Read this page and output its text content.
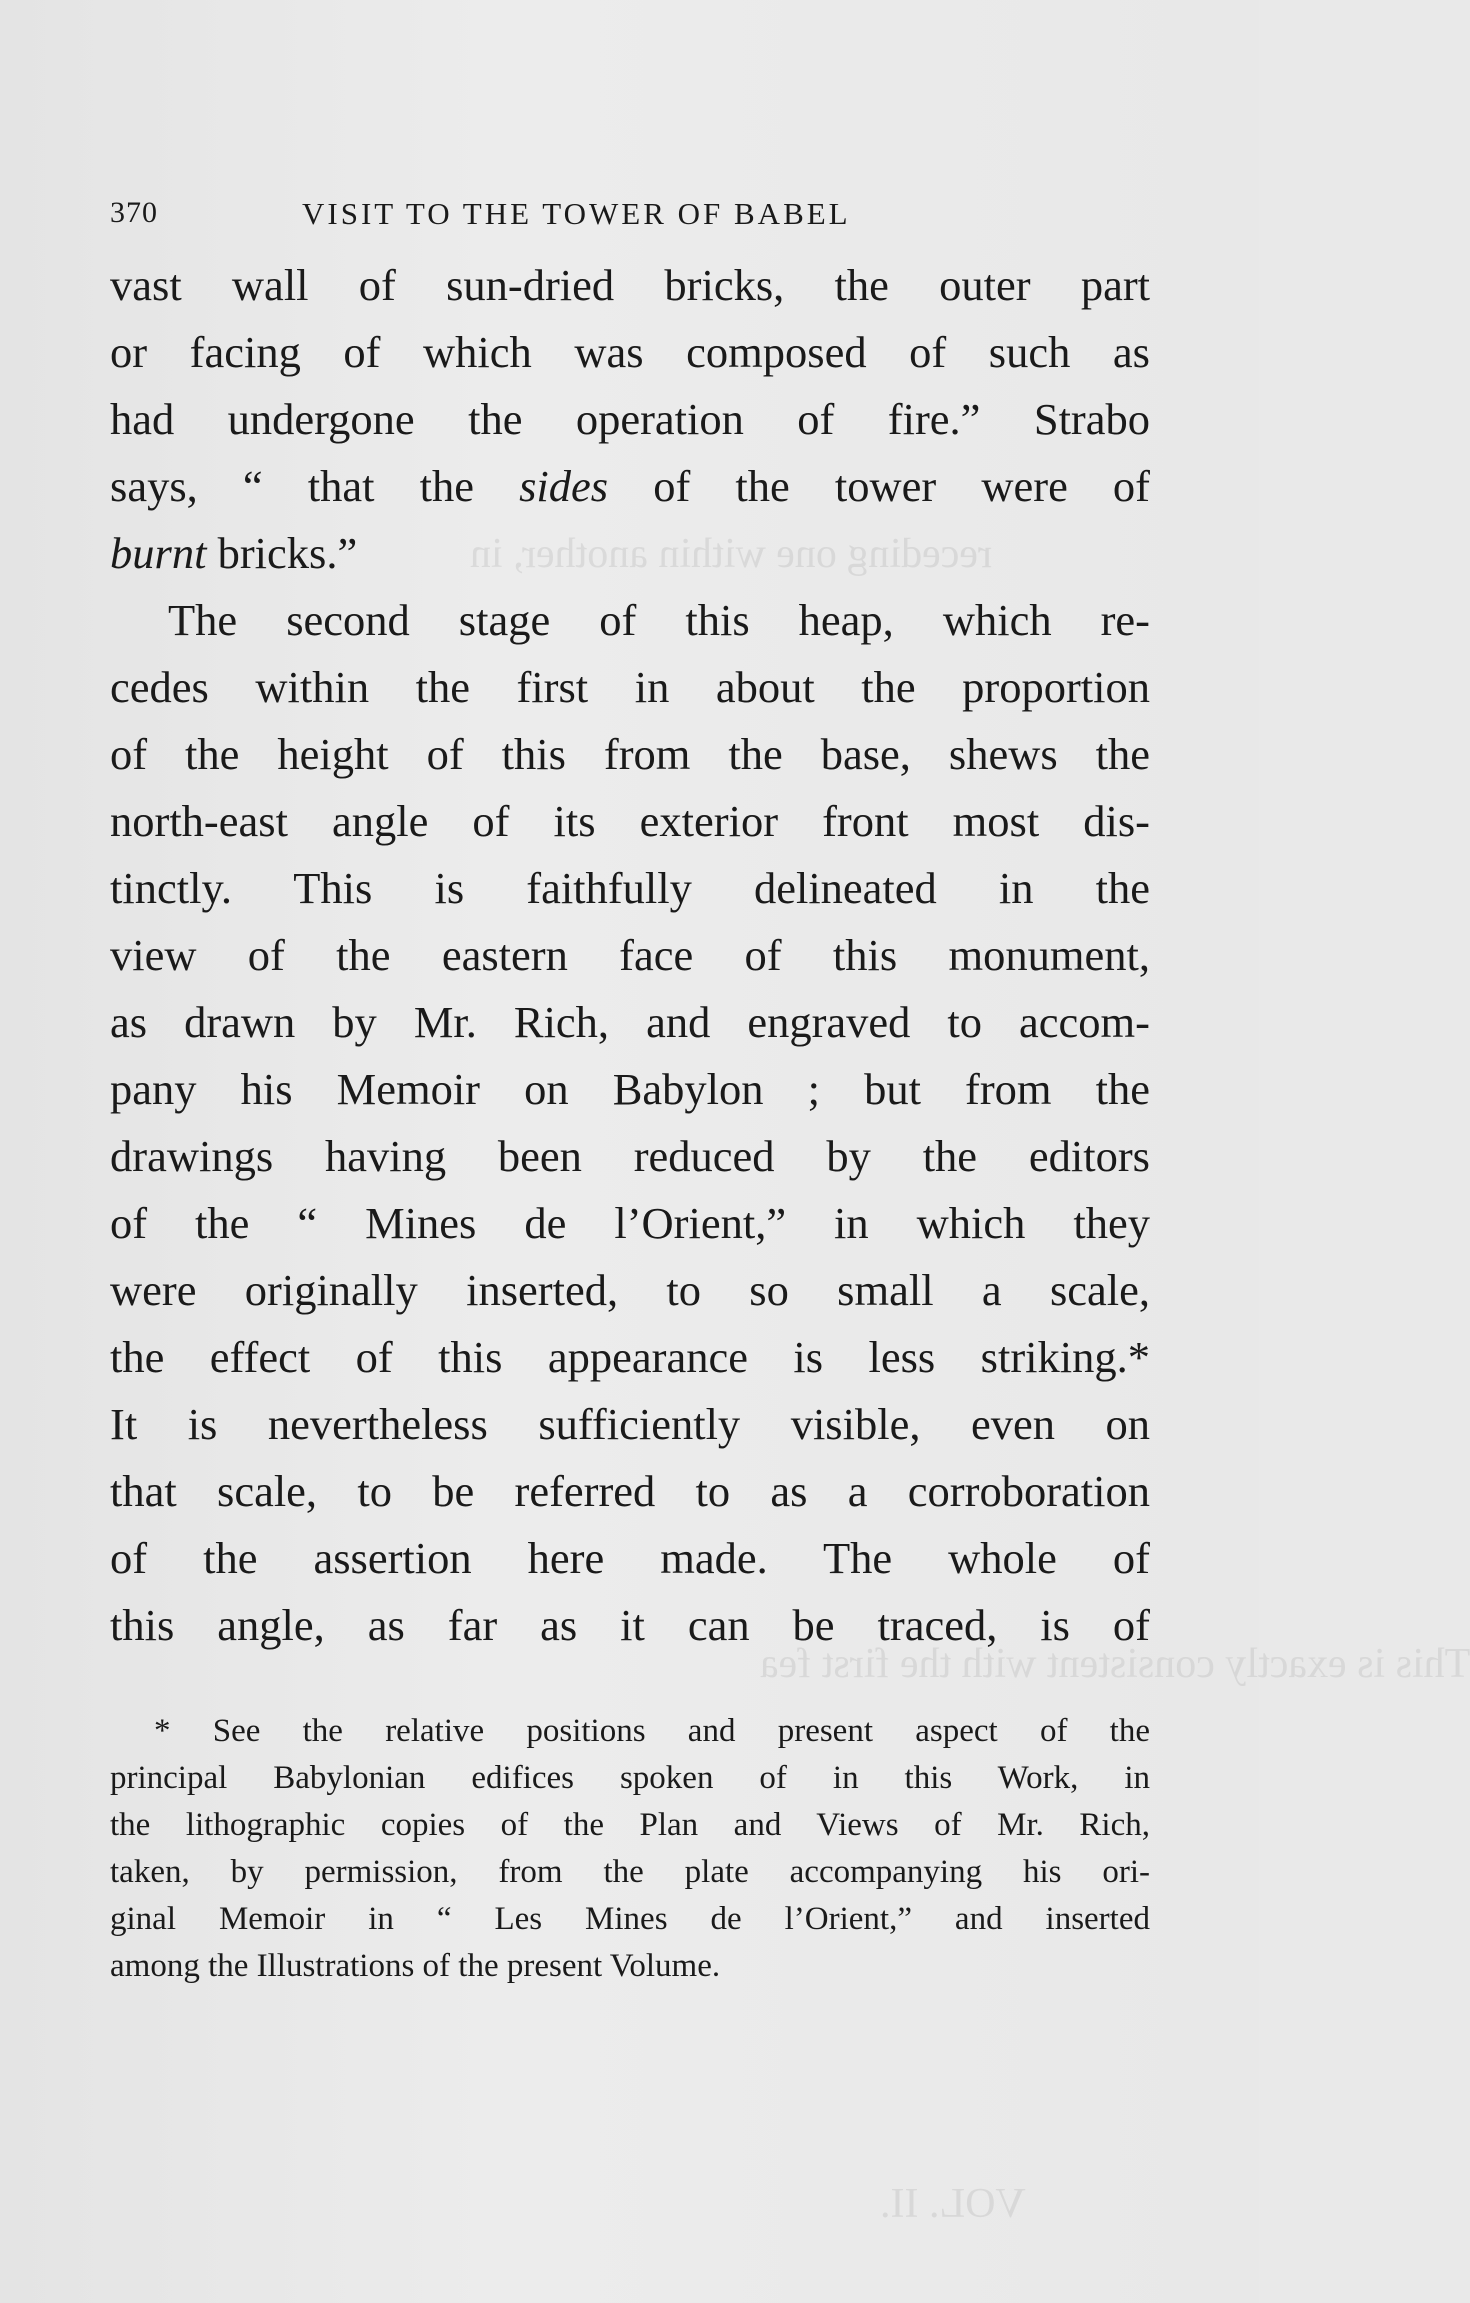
receding one within another, in
This is exactly consistent with the first fea
VOL. II.
370	VISIT TO THE TOWER OF BABEL
vast wall of sun-dried bricks, the outer part
or facing of which was composed of such as
had undergone the operation of fire.” Strabo
says, “ that the sides of the tower were of
burnt bricks.”
The second stage of this heap, which re-
cedes within the first in about the proportion
of the height of this from the base, shews the
north-east angle of its exterior front most dis-
tinctly. This is faithfully delineated in the
view of the eastern face of this monument,
as drawn by Mr. Rich, and engraved to accom-
pany his Memoir on Babylon ; but from the
drawings having been reduced by the editors
of the “ Mines de l’Orient,” in which they
were originally inserted, to so small a scale,
the effect of this appearance is less striking.*
It is nevertheless sufficiently visible, even on
that scale, to be referred to as a corroboration
of the assertion here made. The whole of
this angle, as far as it can be traced, is of
* See the relative positions and present aspect of the
principal Babylonian edifices spoken of in this Work, in
the lithographic copies of the Plan and Views of Mr. Rich,
taken, by permission, from the plate accompanying his ori-
ginal Memoir in “ Les Mines de l’Orient,” and inserted
among the Illustrations of the present Volume.
